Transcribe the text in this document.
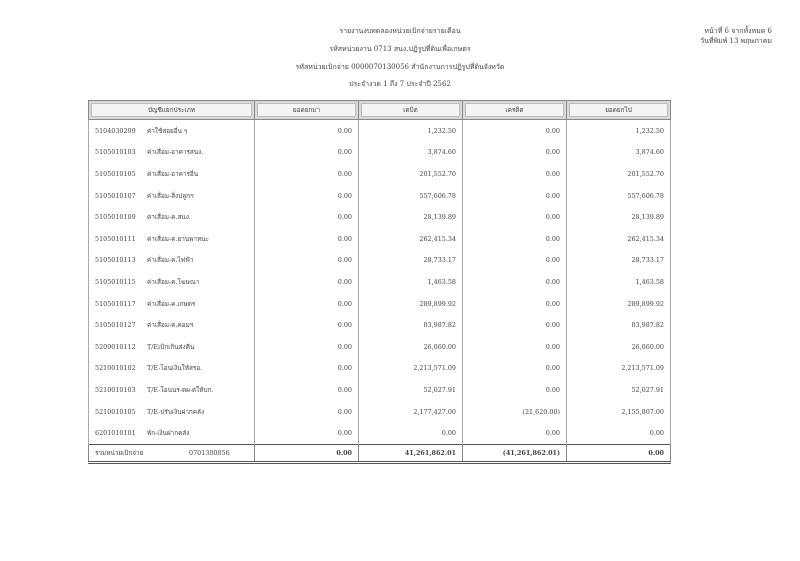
รายงานงบทดลองหน่วยเบิกจ่ายรายเดือน
รหัสหน่วยงาน 0713 สนง.ปฏิรูปที่ดินเพื่อเกษตร
รหัสหน่วยเบิกจ่าย 0000070130056 สำนักงานการปฏิรูปที่ดินจังหวัด
ประจำงวด 1 ถึง 7 ประจำปี 2562
หน้าที่ 6 จากทั้งหมด 6
วันที่พิมพ์ 13 พฤษภาคม
บัญชีแยกประเภท	ยอดยกมา	เดบิต	เครดิต	ยอดยกไป

5104030299 ค่าใช้สอยอื่น ๆ	0.00	1,232.50	0.00	1,232.50
5105010103 ค่าเสื่อม-อาคารสนง.	0.00	3,874.60	0.00	3,874.60
5105010105 ค่าเสื่อม-อาคารอื่น	0.00	201,552.70	0.00	201,552.70
5105010107 ค่าเสื่อม-สิ่งปลูกฯ	0.00	557,606.78	0.00	557,606.78
5105010109 ค่าเสื่อม-ค.สนง.	0.00	28,139.89	0.00	28,139.89
5105010111 ค่าเสื่อม-ค.ยานพาหนะ	0.00	262,415.34	0.00	262,415.34
5105010113 ค่าเสื่อม-ค.ไฟฟ้า	0.00	28,733.17	0.00	28,733.17
5105010115 ค่าเสื่อม-ค.โฆษณา	0.00	1,463.58	0.00	1,463.58
5105010117 ค่าเสื่อม-ค.เกษตร	0.00	289,899.92	0.00	289,899.92
5105010127 ค่าเสื่อม-ค.คอมฯ	0.00	83,987.82	0.00	83,987.82
5209010112 T/Eเบิกเกินส่งคืน	0.00	26,060.00	0.00	26,060.00
5210010102 T/E-โอนเงินให้สรอ.	0.00	2,213,571.09	0.00	2,213,571.09
5210010103 T/E-โอนนร-ตผ-ตให้บก.	0.00	52,027.91	0.00	52,027.91
5210010105 T/E-ปรับเงินฝากคลัง	0.00	2,177,427.00	(21,620.00)	2,155,807.00
6201010101 พัก-เงินฝากคลัง	0.00	0.00	0.00	0.00
รวมหน่วยเบิกจ่าย 0701300056	0.00	41,261,862.01	(41,261,862.01)	0.00
